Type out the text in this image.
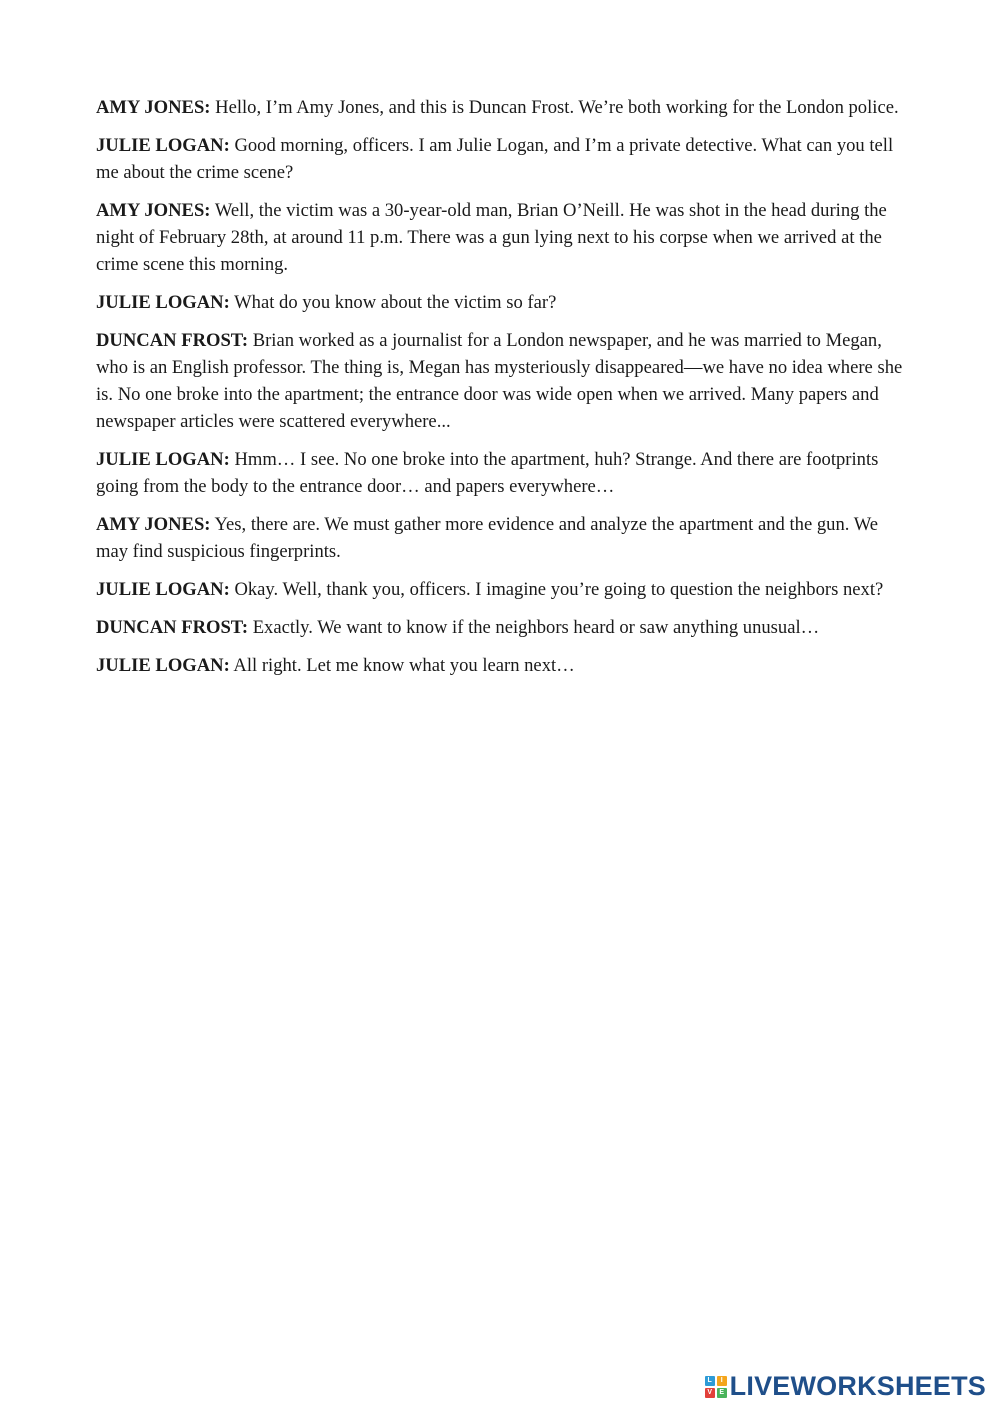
AMY JONES: Hello, I’m Amy Jones, and this is Duncan Frost. We’re both working for the London police.

JULIE LOGAN: Good morning, officers. I am Julie Logan, and I’m a private detective. What can you tell me about the crime scene?

AMY JONES: Well, the victim was a 30-year-old man, Brian O’Neill. He was shot in the head during the night of February 28th, at around 11 p.m. There was a gun lying next to his corpse when we arrived at the crime scene this morning.

JULIE LOGAN: What do you know about the victim so far?

DUNCAN FROST: Brian worked as a journalist for a London newspaper, and he was married to Megan, who is an English professor. The thing is, Megan has mysteriously disappeared—we have no idea where she is. No one broke into the apartment; the entrance door was wide open when we arrived. Many papers and newspaper articles were scattered everywhere...

JULIE LOGAN: Hmm… I see. No one broke into the apartment, huh? Strange. And there are footprints going from the body to the entrance door… and papers everywhere…

AMY JONES: Yes, there are. We must gather more evidence and analyze the apartment and the gun. We may find suspicious fingerprints.

JULIE LOGAN: Okay. Well, thank you, officers. I imagine you’re going to question the neighbors next?

DUNCAN FROST: Exactly. We want to know if the neighbors heard or saw anything unusual…

JULIE LOGAN: All right. Let me know what you learn next…

L	I
V	E LIVEWORKSHEETS
